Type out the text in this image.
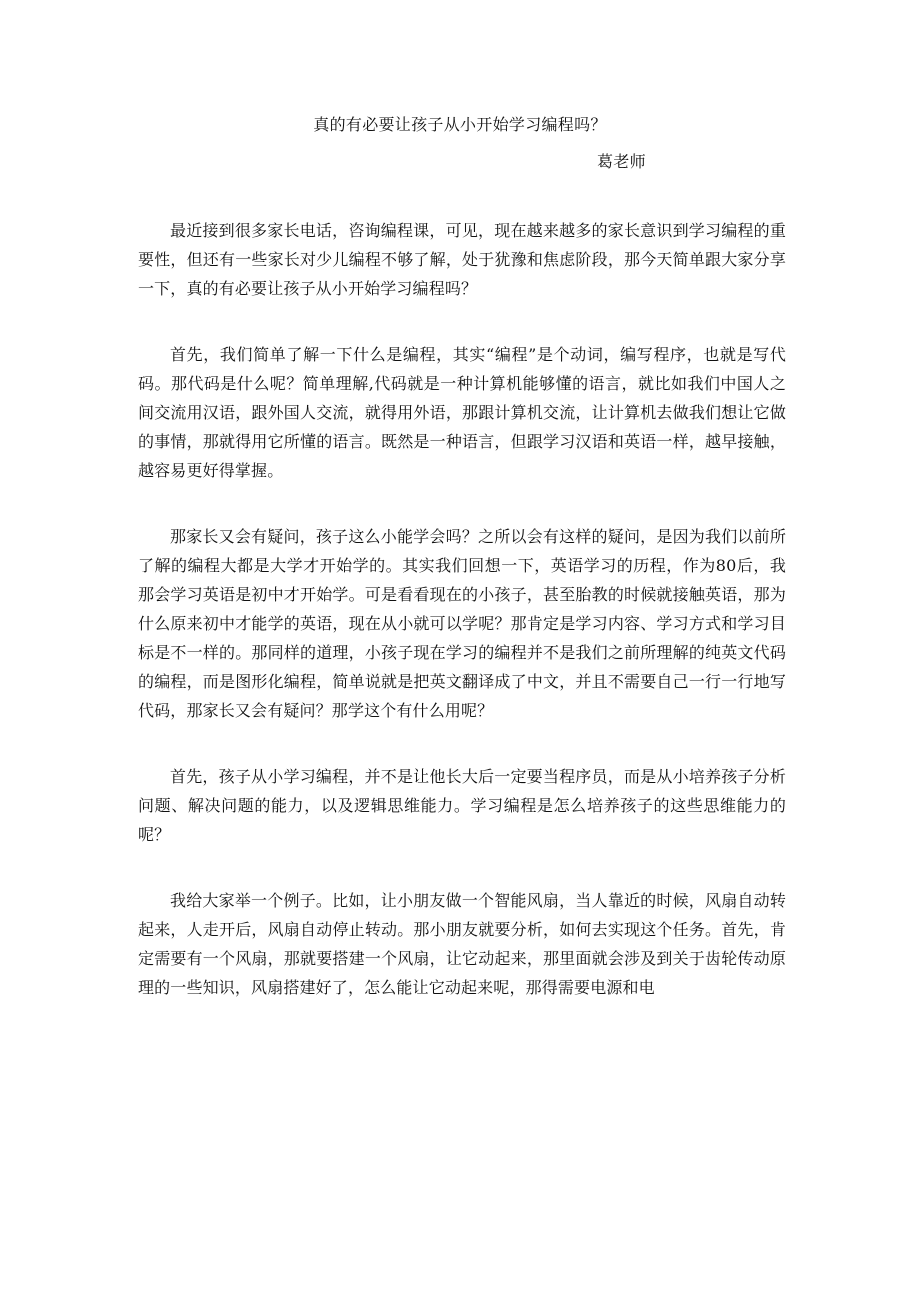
真的有必要让孩子从小开始学习编程吗？

葛老师

最近接到很多家长电话，咨询编程课，可见，现在越来越多的家长意识到学习编程的重要性，但还有一些家长对少儿编程不够了解，处于犹豫和焦虑阶段，那今天简单跟大家分享一下，真的有必要让孩子从小开始学习编程吗？

首先，我们简单了解一下什么是编程，其实“编程”是个动词，编写程序，也就是写代码。那代码是什么呢？简单理解,代码就是一种计算机能够懂的语言，就比如我们中国人之间交流用汉语，跟外国人交流，就得用外语，那跟计算机交流，让计算机去做我们想让它做的事情，那就得用它所懂的语言。既然是一种语言，但跟学习汉语和英语一样，越早接触，越容易更好得掌握。

那家长又会有疑问，孩子这么小能学会吗？之所以会有这样的疑问，是因为我们以前所了解的编程大都是大学才开始学的。其实我们回想一下，英语学习的历程，作为80后，我那会学习英语是初中才开始学。可是看看现在的小孩子，甚至胎教的时候就接触英语，那为什么原来初中才能学的英语，现在从小就可以学呢？那肯定是学习内容、学习方式和学习目标是不一样的。那同样的道理，小孩子现在学习的编程并不是我们之前所理解的纯英文代码的编程，而是图形化编程，简单说就是把英文翻译成了中文，并且不需要自己一行一行地写代码，那家长又会有疑问？那学这个有什么用呢？

首先，孩子从小学习编程，并不是让他长大后一定要当程序员，而是从小培养孩子分析问题、解决问题的能力，以及逻辑思维能力。学习编程是怎么培养孩子的这些思维能力的呢？

我给大家举一个例子。比如，让小朋友做一个智能风扇，当人靠近的时候，风扇自动转起来，人走开后，风扇自动停止转动。那小朋友就要分析，如何去实现这个任务。首先，肯定需要有一个风扇，那就要搭建一个风扇，让它动起来，那里面就会涉及到关于齿轮传动原理的一些知识，风扇搭建好了，怎么能让它动起来呢，那得需要电源和电
